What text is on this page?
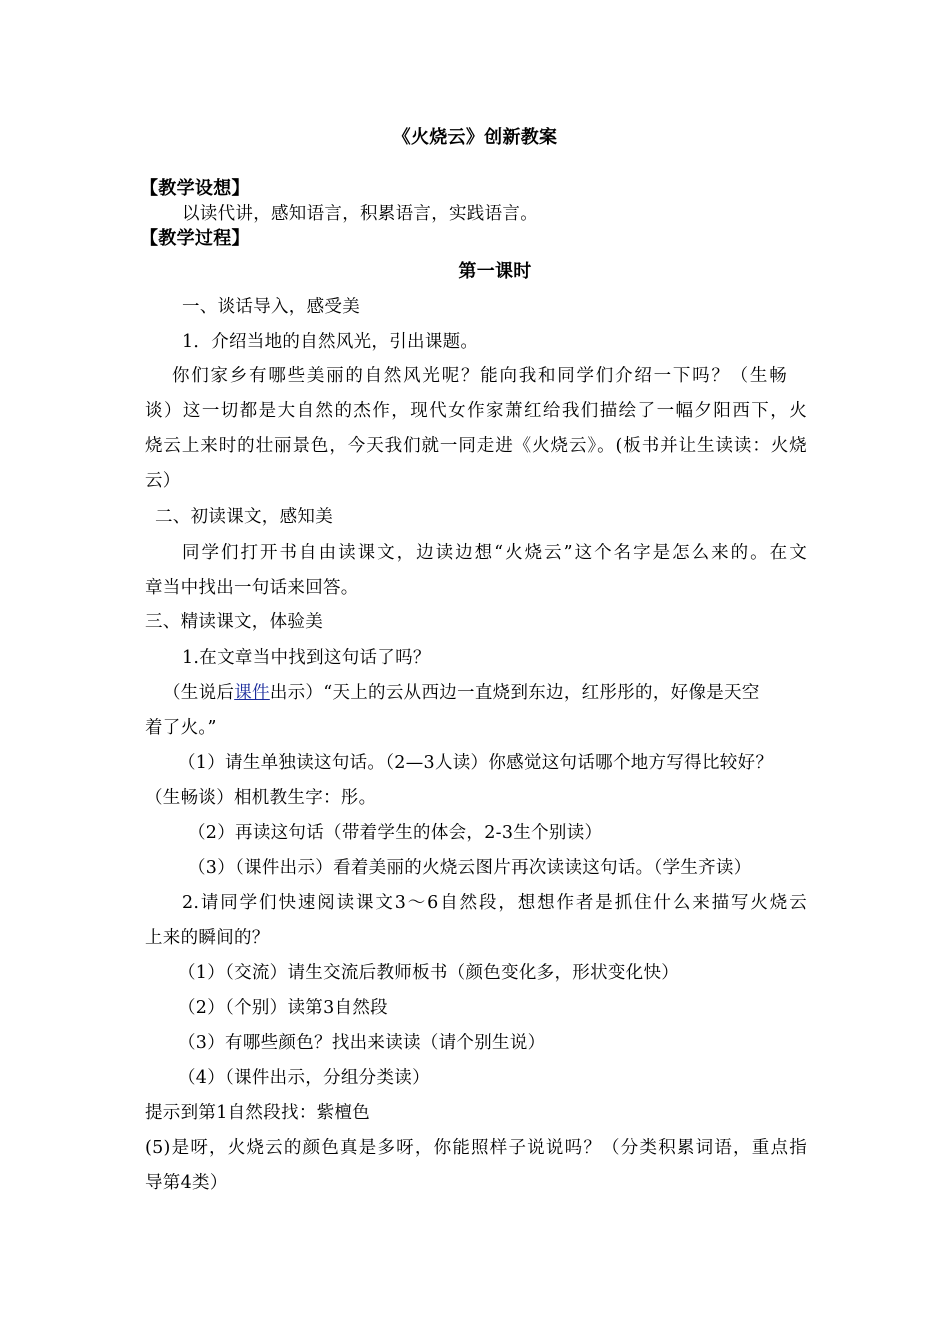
《火烧云》创新教案
【教学设想】
以读代讲，感知语言，积累语言，实践语言。
【教学过程】
第一课时
一、谈话导入，感受美
1．介绍当地的自然风光，引出课题。
你们家乡有哪些美丽的自然风光呢？能向我和同学们介绍一下吗？（生畅
谈）这一切都是大自然的杰作，现代女作家萧红给我们描绘了一幅夕阳西下，火
烧云上来时的壮丽景色，今天我们就一同走进《火烧云》。(板书并让生读读：火烧
云）
二、初读课文，感知美
同学们打开书自由读课文，边读边想“火烧云”这个名字是怎么来的。在文
章当中找出一句话来回答。
三、精读课文，体验美
1.在文章当中找到这句话了吗？
（生说后课件出示）“天上的云从西边一直烧到东边，红彤彤的，好像是天空
着了火。”
（1）请生单独读这句话。（2—3人读）你感觉这句话哪个地方写得比较好？
（生畅谈）相机教生字：彤。
（2）再读这句话（带着学生的体会，2-3生个别读）
（3）（课件出示）看着美丽的火烧云图片再次读读这句话。（学生齐读）
2.请同学们快速阅读课文3～6自然段，想想作者是抓住什么来描写火烧云
上来的瞬间的？
（1）（交流）请生交流后教师板书（颜色变化多，形状变化快）
（2）（个别）读第3自然段
（3）有哪些颜色？找出来读读（请个别生说）
（4）（课件出示，分组分类读）
提示到第1自然段找：紫檀色
(5)是呀，火烧云的颜色真是多呀，你能照样子说说吗？（分类积累词语，重点指
导第4类）
